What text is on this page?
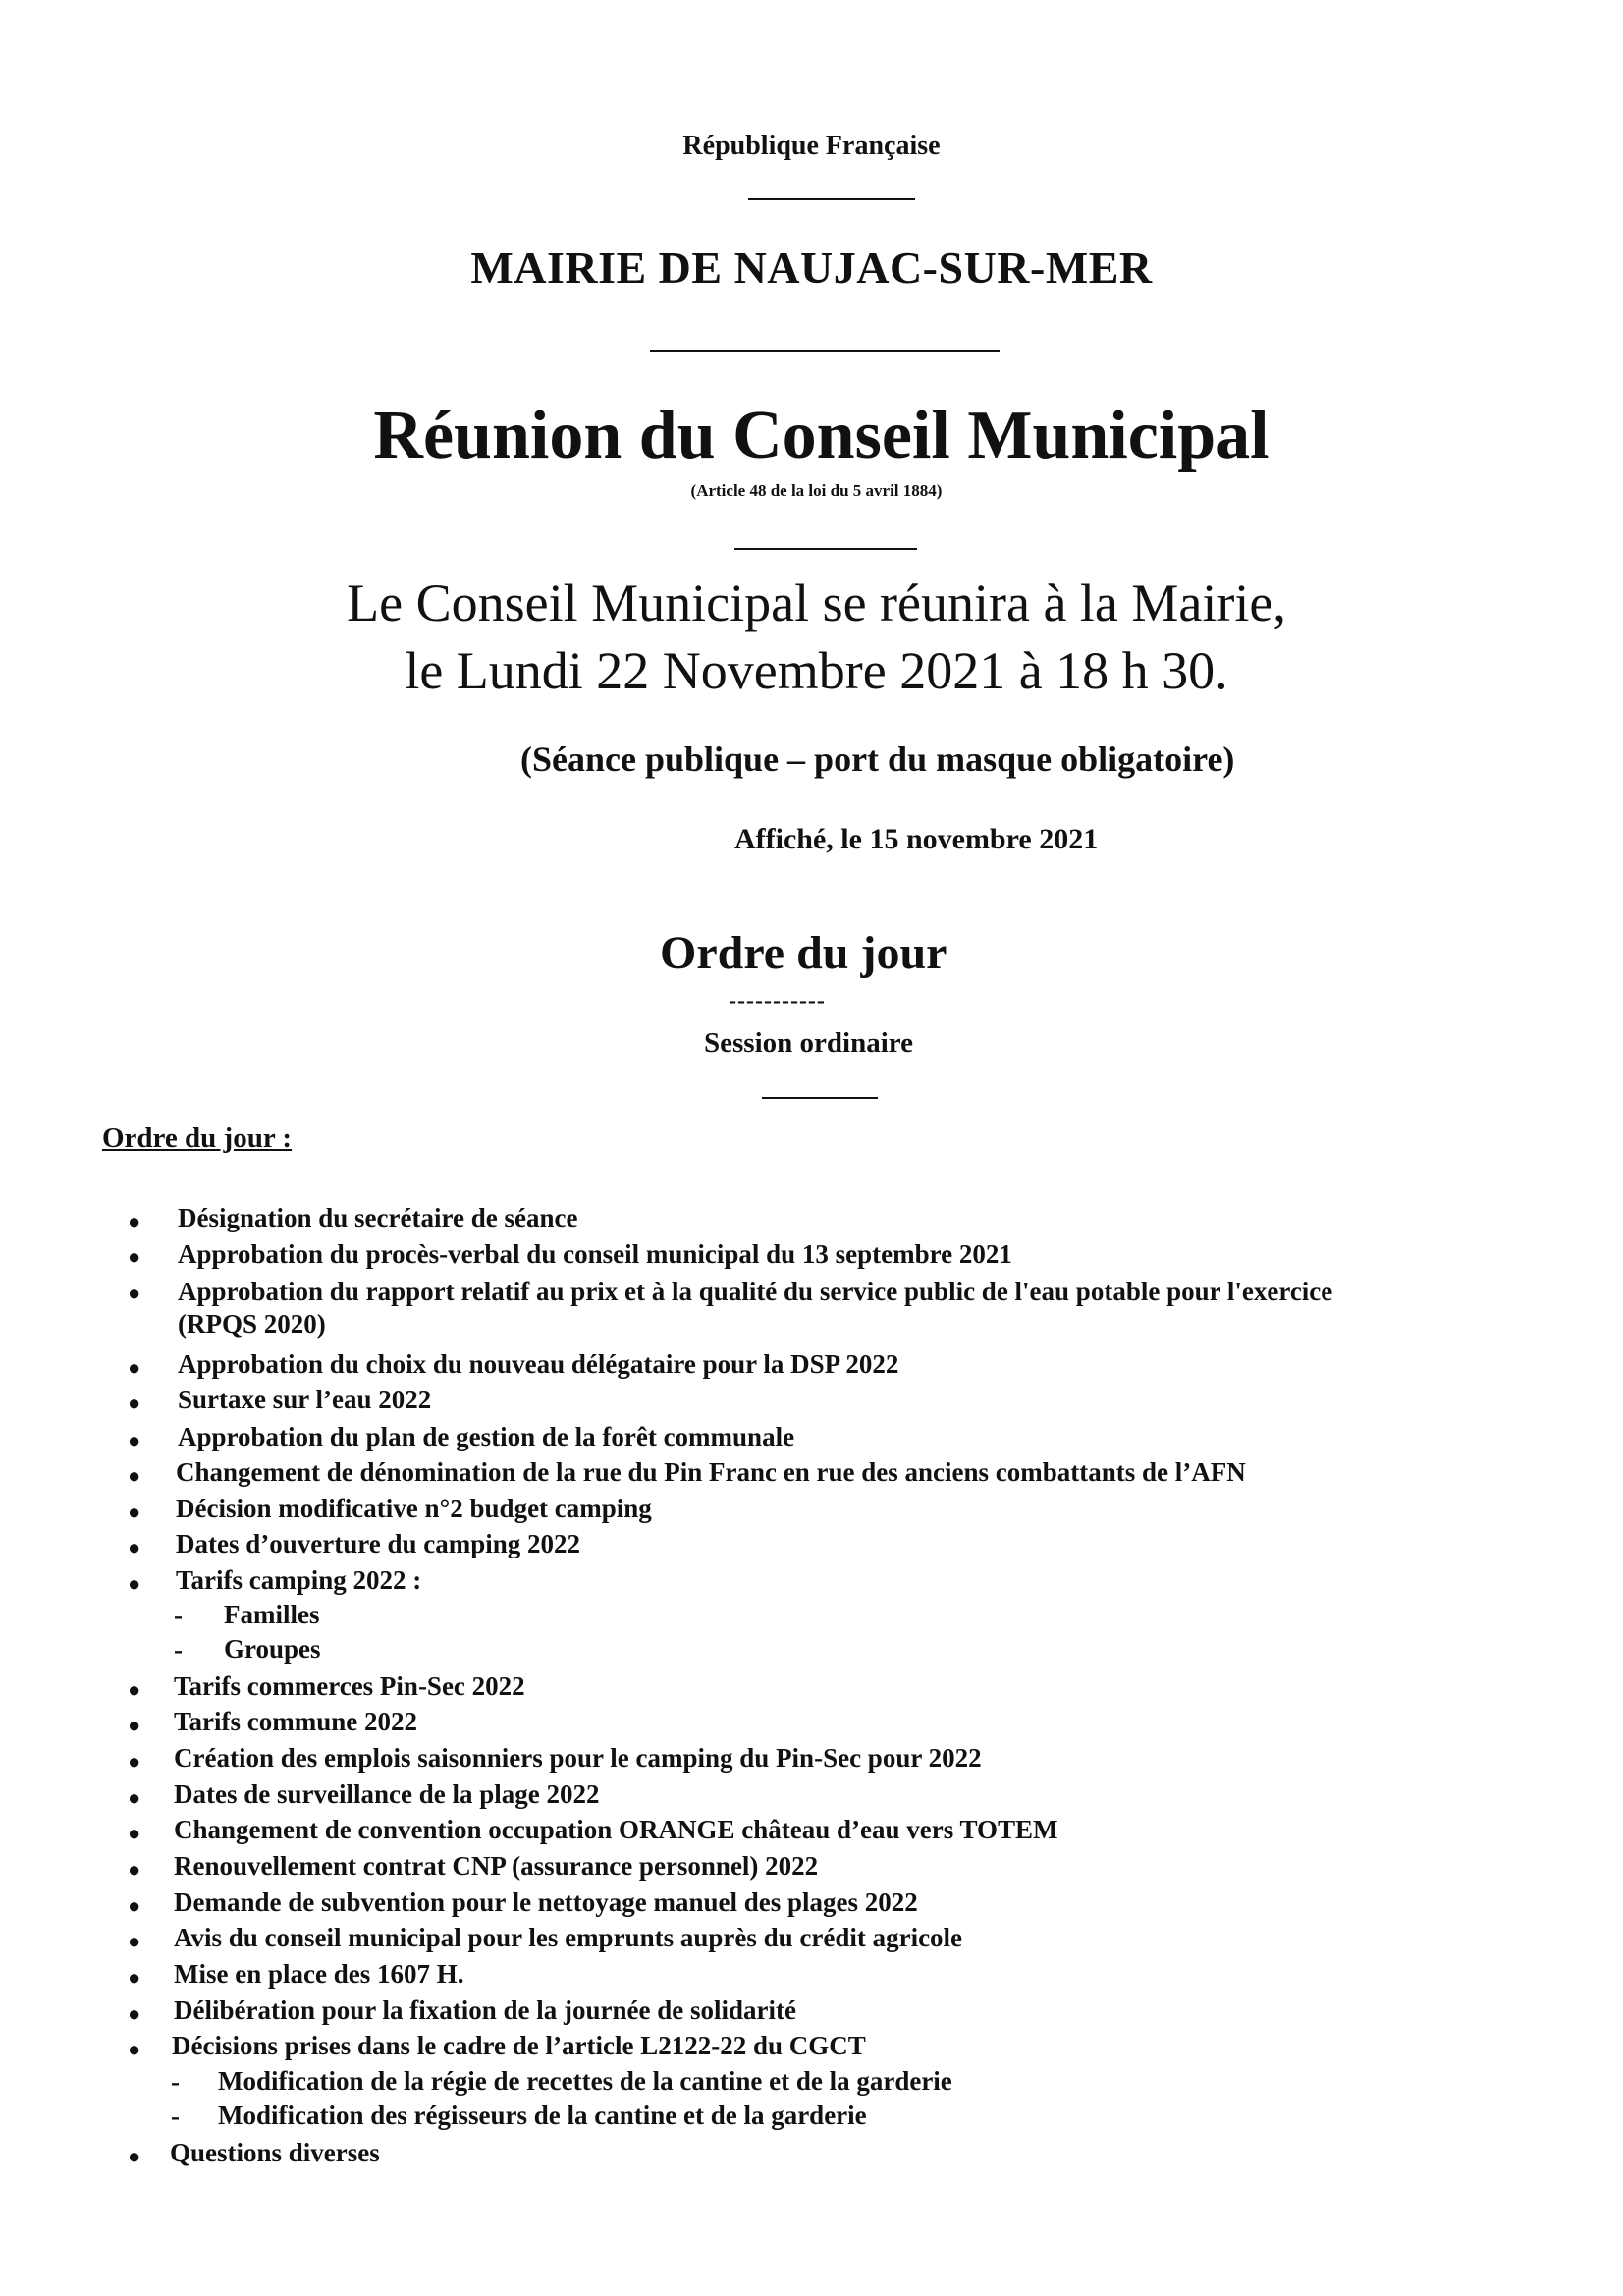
République Française
MAIRIE DE NAUJAC-SUR-MER
Réunion du Conseil Municipal
(Article 48 de la loi du 5 avril 1884)
Le Conseil Municipal se réunira à la Mairie,
le Lundi 22 Novembre 2021 à 18 h 30.
(Séance publique – port du masque obligatoire)
Affiché, le 15 novembre 2021
Ordre du jour
-----------
Session ordinaire
Ordre du jour :
● Désignation du secrétaire de séance
● Approbation du procès-verbal du conseil municipal du 13 septembre 2021
● Approbation du rapport relatif au prix et à la qualité du service public de l'eau potable pour l'exercice
(RPQS 2020)
● Approbation du choix du nouveau délégataire pour la DSP 2022
● Surtaxe sur l’eau 2022
● Approbation du plan de gestion de la forêt communale
● Changement de dénomination de la rue du Pin Franc en rue des anciens combattants de l’AFN
● Décision modificative n°2 budget camping
● Dates d’ouverture du camping 2022
● Tarifs camping 2022 :
- Familles
- Groupes
● Tarifs commerces Pin-Sec 2022
● Tarifs commune 2022
● Création des emplois saisonniers pour le camping du Pin-Sec pour 2022
● Dates de surveillance de la plage 2022
● Changement de convention occupation ORANGE château d’eau vers TOTEM
● Renouvellement contrat CNP (assurance personnel) 2022
● Demande de subvention pour le nettoyage manuel des plages 2022
● Avis du conseil municipal pour les emprunts auprès du crédit agricole
● Mise en place des 1607 H.
● Délibération pour la fixation de la journée de solidarité
● Décisions prises dans le cadre de l’article L2122-22 du CGCT
- Modification de la régie de recettes de la cantine et de la garderie
- Modification des régisseurs de la cantine et de la garderie
● Questions diverses
